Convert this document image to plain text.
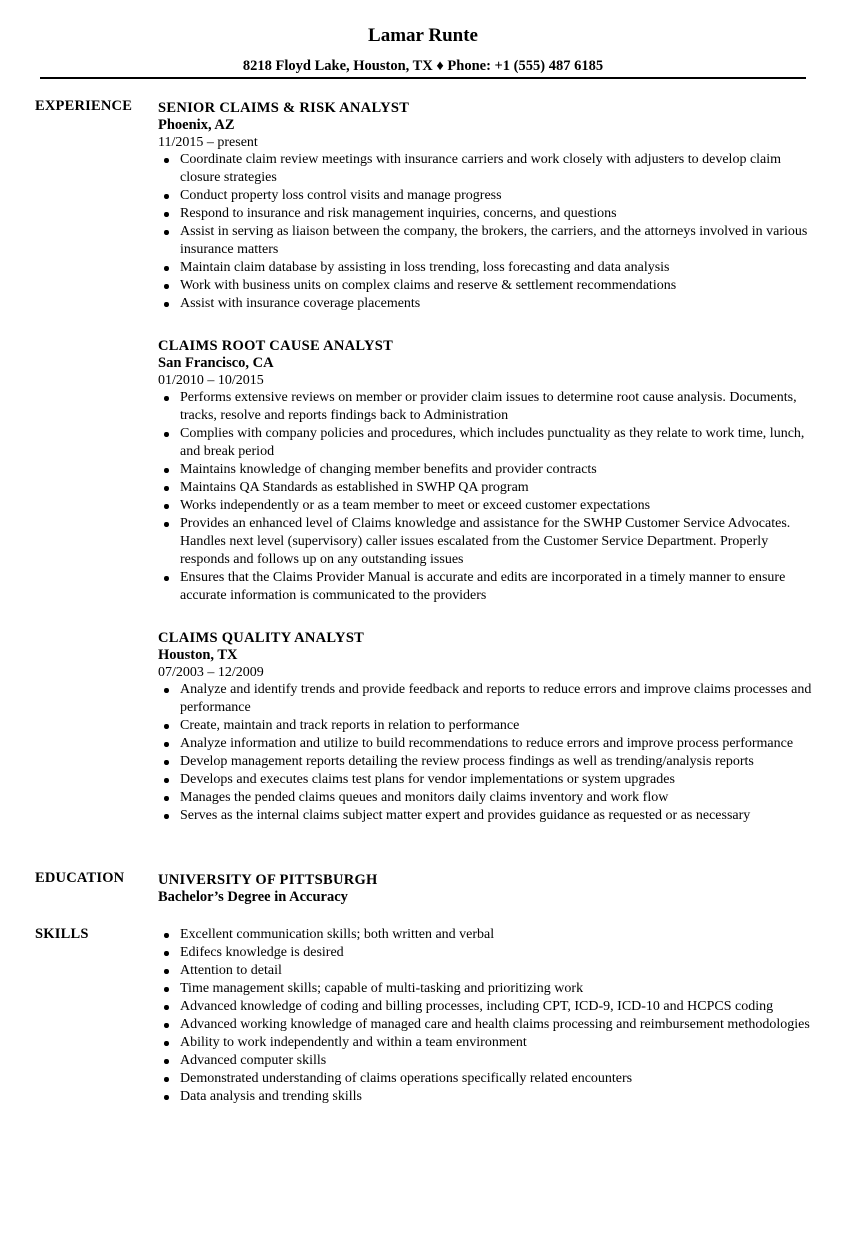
Lamar Runte
8218 Floyd Lake, Houston, TX ♦ Phone: +1 (555) 487 6185
EXPERIENCE SENIOR CLAIMS & RISK ANALYST
Phoenix, AZ
11/2015 – present
Coordinate claim review meetings with insurance carriers and work closely with adjusters to develop claim closure strategies
Conduct property loss control visits and manage progress
Respond to insurance and risk management inquiries, concerns, and questions
Assist in serving as liaison between the company, the brokers, the carriers, and the attorneys involved in various insurance matters
Maintain claim database by assisting in loss trending, loss forecasting and data analysis
Work with business units on complex claims and reserve & settlement recommendations
Assist with insurance coverage placements
CLAIMS ROOT CAUSE ANALYST
San Francisco, CA
01/2010 – 10/2015
Performs extensive reviews on member or provider claim issues to determine root cause analysis. Documents, tracks, resolve and reports findings back to Administration
Complies with company policies and procedures, which includes punctuality as they relate to work time, lunch, and break period
Maintains knowledge of changing member benefits and provider contracts
Maintains QA Standards as established in SWHP QA program
Works independently or as a team member to meet or exceed customer expectations
Provides an enhanced level of Claims knowledge and assistance for the SWHP Customer Service Advocates. Handles next level (supervisory) caller issues escalated from the Customer Service Department. Properly responds and follows up on any outstanding issues
Ensures that the Claims Provider Manual is accurate and edits are incorporated in a timely manner to ensure accurate information is communicated to the providers
CLAIMS QUALITY ANALYST
Houston, TX
07/2003 – 12/2009
Analyze and identify trends and provide feedback and reports to reduce errors and improve claims processes and performance
Create, maintain and track reports in relation to performance
Analyze information and utilize to build recommendations to reduce errors and improve process performance
Develop management reports detailing the review process findings as well as trending/analysis reports
Develops and executes claims test plans for vendor implementations or system upgrades
Manages the pended claims queues and monitors daily claims inventory and work flow
Serves as the internal claims subject matter expert and provides guidance as requested or as necessary
EDUCATION UNIVERSITY OF PITTSBURGH
Bachelor’s Degree in Accuracy
SKILLS	Excellent communication skills; both written and verbal
Edifecs knowledge is desired
Attention to detail
Time management skills; capable of multi-tasking and prioritizing work
Advanced knowledge of coding and billing processes, including CPT, ICD-9, ICD-10 and HCPCS coding
Advanced working knowledge of managed care and health claims processing and reimbursement methodologies
Ability to work independently and within a team environment
Advanced computer skills
Demonstrated understanding of claims operations specifically related encounters
Data analysis and trending skills
